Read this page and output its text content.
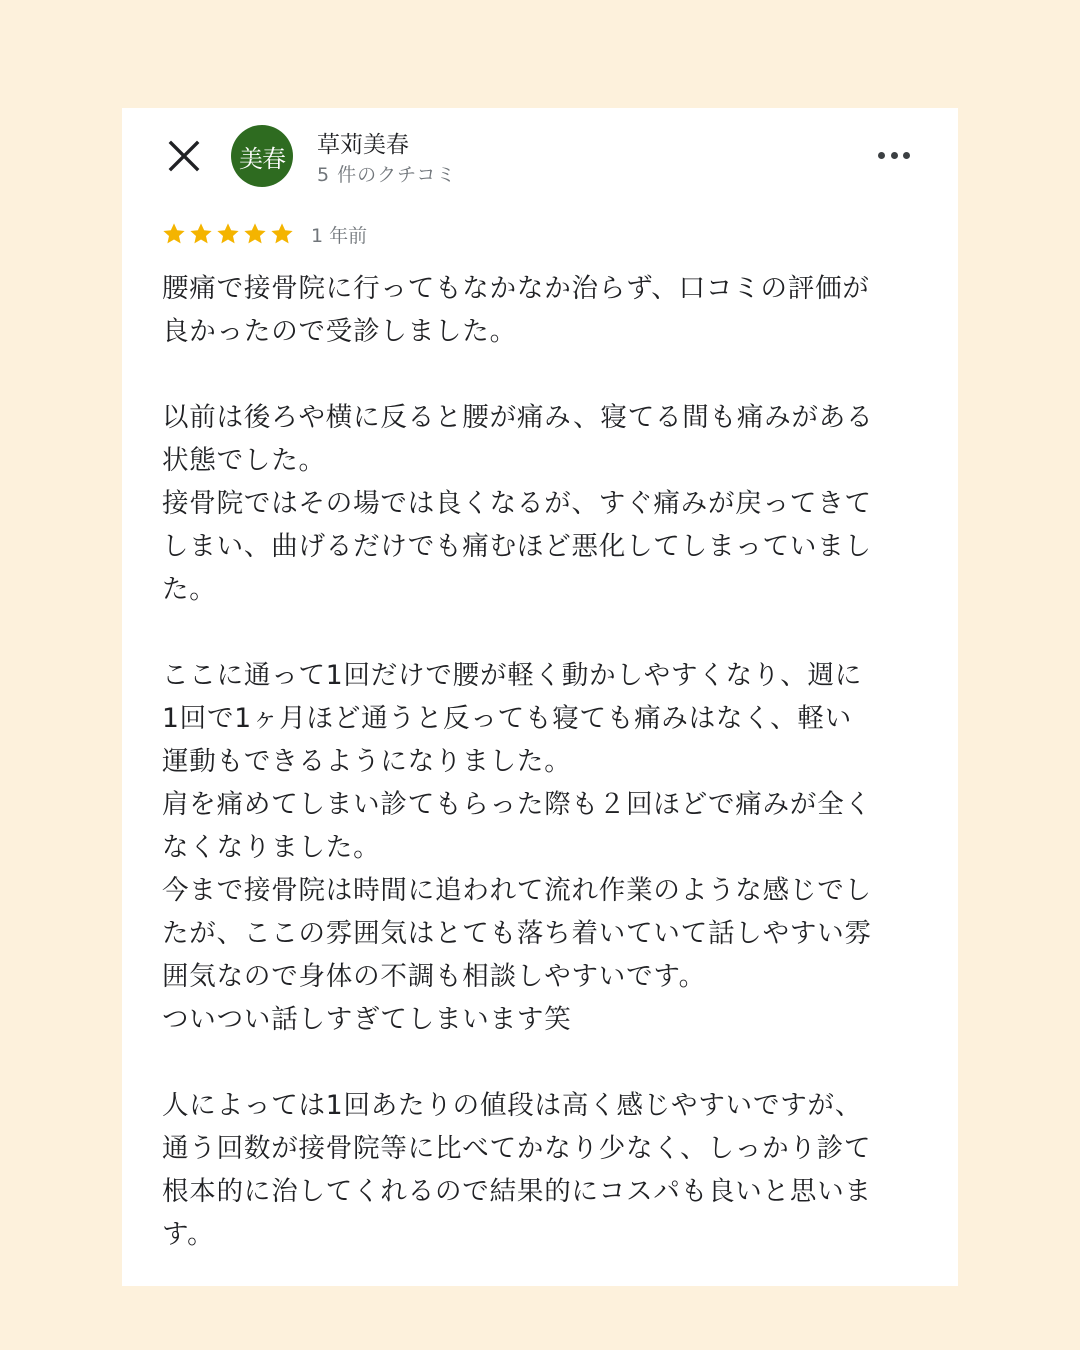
美春 草苅美春
5 件のクチコミ
1 年前
腰痛で接骨院に行ってもなかなか治らず、口コミの評価が
良かったので受診しました。
以前は後ろや横に反ると腰が痛み、寝てる間も痛みがある
状態でした。
接骨院ではその場では良くなるが、すぐ痛みが戻ってきて
しまい、曲げるだけでも痛むほど悪化してしまっていまし
た。
ここに通って1回だけで腰が軽く動かしやすくなり、週に
1回で1ヶ月ほど通うと反っても寝ても痛みはなく、軽い
運動もできるようになりました。
肩を痛めてしまい診てもらった際も２回ほどで痛みが全く
なくなりました。
今まで接骨院は時間に追われて流れ作業のような感じでし
たが、ここの雰囲気はとても落ち着いていて話しやすい雰
囲気なので身体の不調も相談しやすいです。
ついつい話しすぎてしまいます笑
人によっては1回あたりの値段は高く感じやすいですが、
通う回数が接骨院等に比べてかなり少なく、しっかり診て
根本的に治してくれるので結果的にコスパも良いと思いま
す。
